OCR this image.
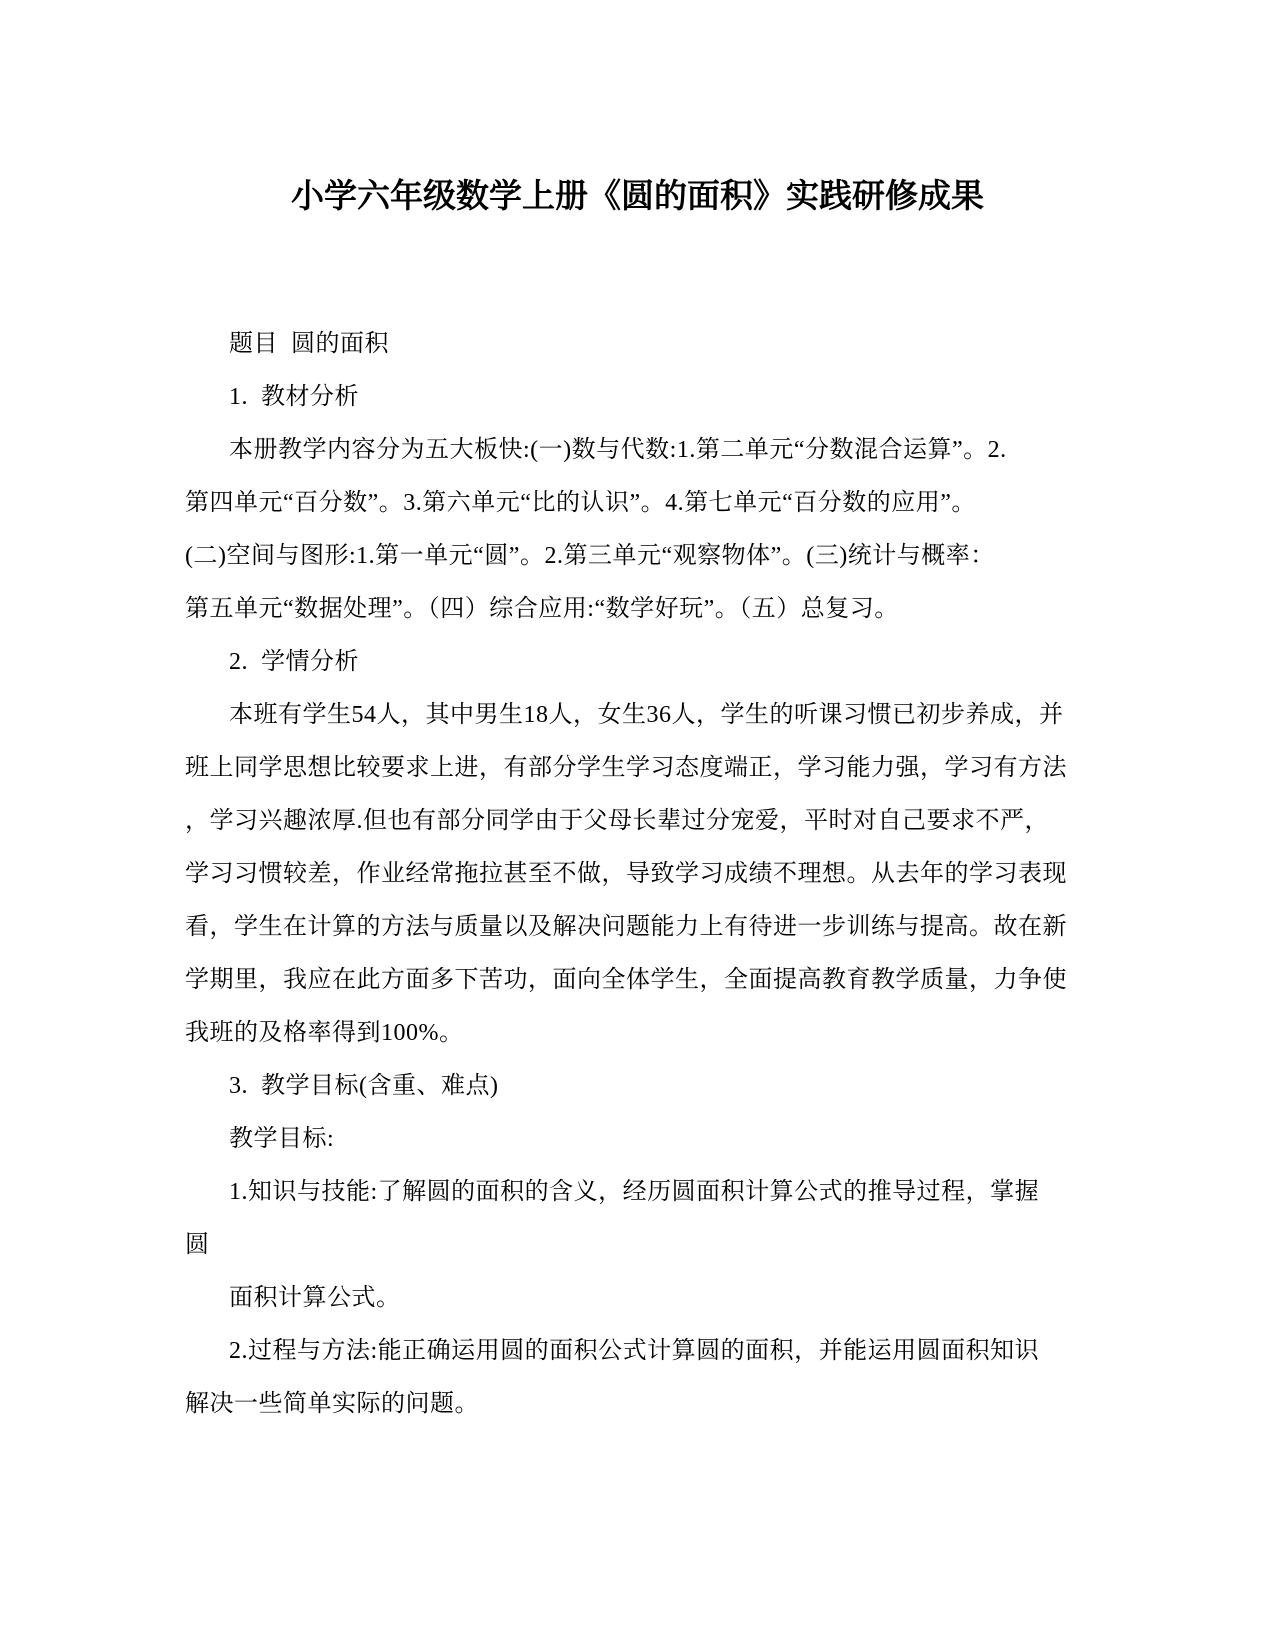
小学六年级数学上册《圆的面积》实践研修成果
题目  圆的面积
1.  教材分析
本册教学内容分为五大板快:(一)数与代数:1.第二单元“分数混合运算”。2.
第四单元“百分数”。3.第六单元“比的认识”。4.第七单元“百分数的应用”。
(二)空间与图形:1.第一单元“圆”。2.第三单元“观察物体”。(三)统计与概率：
第五单元“数据处理”。（四）综合应用:“数学好玩”。（五）总复习。
2.  学情分析
本班有学生54人，其中男生18人，女生36人，学生的听课习惯已初步养成，并
班上同学思想比较要求上进，有部分学生学习态度端正，学习能力强，学习有方法
，学习兴趣浓厚.但也有部分同学由于父母长辈过分宠爱，平时对自己要求不严，
学习习惯较差，作业经常拖拉甚至不做，导致学习成绩不理想。从去年的学习表现
看，学生在计算的方法与质量以及解决问题能力上有待进一步训练与提高。故在新
学期里，我应在此方面多下苦功，面向全体学生，全面提高教育教学质量，力争使
我班的及格率得到100%。
3.  教学目标(含重、难点)
教学目标:
1.知识与技能:了解圆的面积的含义，经历圆面积计算公式的推导过程，掌握
圆
面积计算公式。
2.过程与方法:能正确运用圆的面积公式计算圆的面积，并能运用圆面积知识
解决一些简单实际的问题。
